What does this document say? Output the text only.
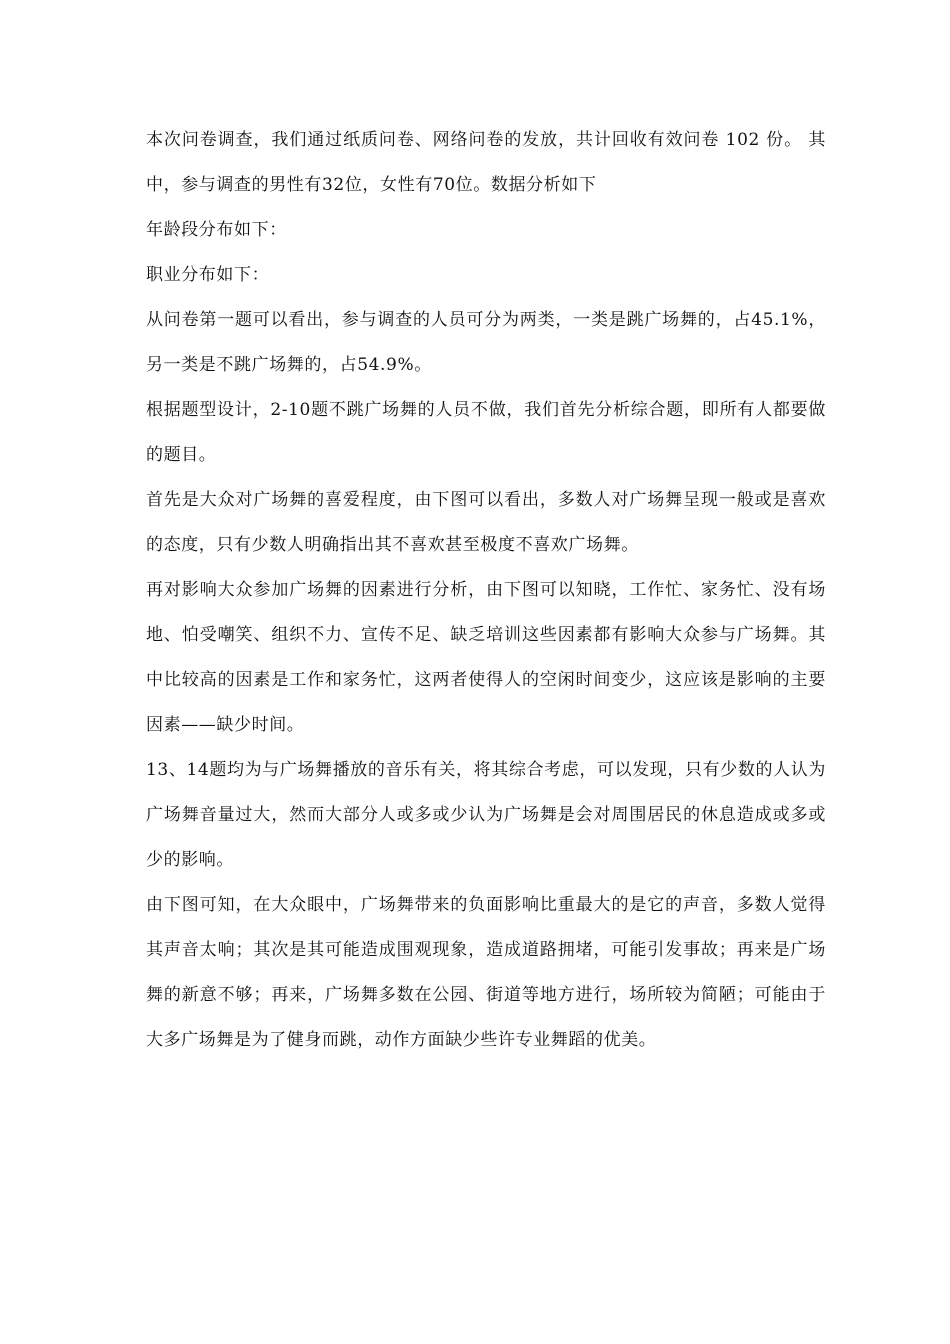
本次问卷调查，我们通过纸质问卷、网络问卷的发放，共计回收有效问卷 102 份。 其中，参与调查的男性有32位，女性有70位。数据分析如下

年龄段分布如下：

职业分布如下：

从问卷第一题可以看出，参与调查的人员可分为两类，一类是跳广场舞的，占45.1%，另一类是不跳广场舞的，占54.9%。

根据题型设计，2-10题不跳广场舞的人员不做，我们首先分析综合题，即所有人都要做的题目。

首先是大众对广场舞的喜爱程度，由下图可以看出，多数人对广场舞呈现一般或是喜欢的态度，只有少数人明确指出其不喜欢甚至极度不喜欢广场舞。

再对影响大众参加广场舞的因素进行分析，由下图可以知晓，工作忙、家务忙、没有场地、怕受嘲笑、组织不力、宣传不足、缺乏培训这些因素都有影响大众参与广场舞。其中比较高的因素是工作和家务忙，这两者使得人的空闲时间变少，这应该是影响的主要因素——缺少时间。

13、14题均为与广场舞播放的音乐有关，将其综合考虑，可以发现，只有少数的人认为广场舞音量过大，然而大部分人或多或少认为广场舞是会对周围居民的休息造成或多或少的影响。

由下图可知，在大众眼中，广场舞带来的负面影响比重最大的是它的声音，多数人觉得其声音太响；其次是其可能造成围观现象，造成道路拥堵，可能引发事故；再来是广场舞的新意不够；再来，广场舞多数在公园、街道等地方进行，场所较为简陋；可能由于大多广场舞是为了健身而跳，动作方面缺少些许专业舞蹈的优美。
